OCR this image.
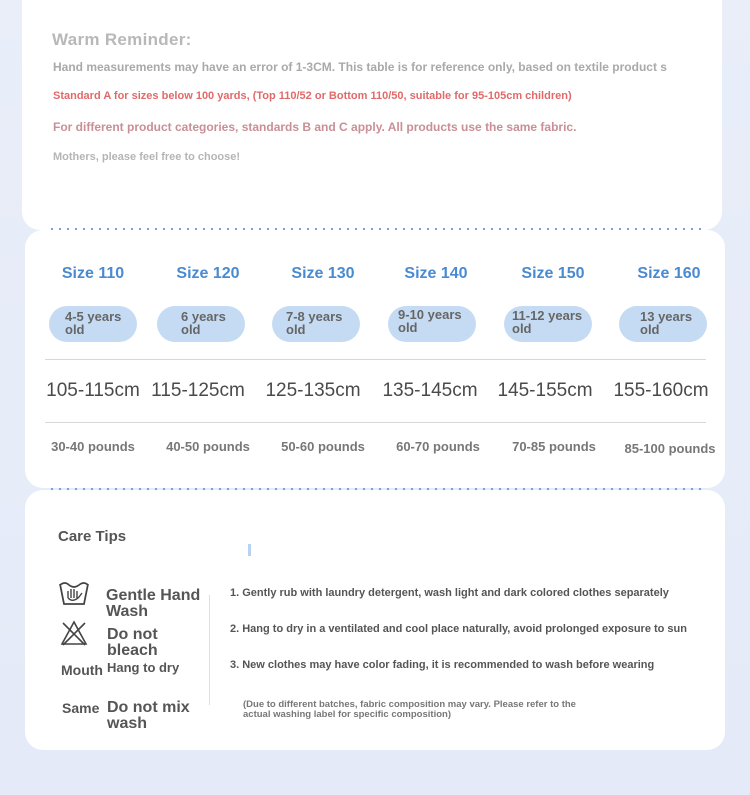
Warm Reminder:
Hand measurements may have an error of 1-3CM. This table is for reference only, based on textile product s
Standard A for sizes below 100 yards, (Top 110/52 or Bottom 110/50, suitable for 95-105cm children)
For different product categories, standards B and C apply. All products use the same fabric.
Mothers, please feel free to choose!
Size 110
4-5 years old
105-115cm
30-40 pounds
Size 120
6 years old
115-125cm
40-50 pounds
Size 130
7-8 years old
125-135cm
50-60 pounds
Size 140
9-10 years old
135-145cm
60-70 pounds
Size 150
11-12 years old
145-155cm
70-85 pounds
Size 160
13 years old
155-160cm
85-100 pounds
Care Tips
Gentle Hand Wash
Do not bleach
Mouth Hang to dry
Same Do not mix wash
1. Gently rub with laundry detergent, wash light and dark colored clothes separately
2. Hang to dry in a ventilated and cool place naturally, avoid prolonged exposure to sun
3. New clothes may have color fading, it is recommended to wash before wearing
(Due to different batches, fabric composition may vary. Please refer to the actual washing label for specific composition)
